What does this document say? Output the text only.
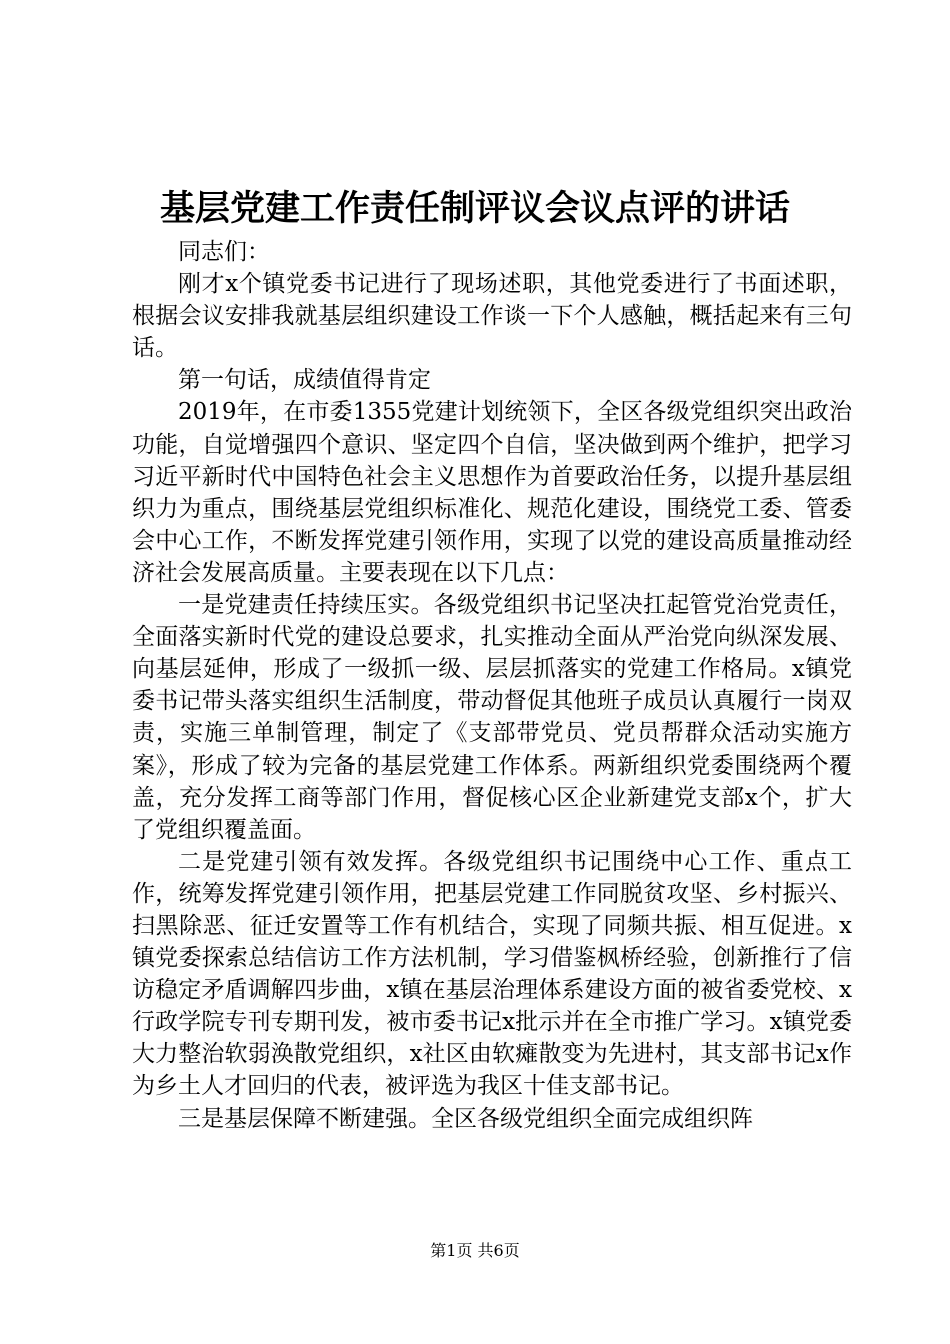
基层党建工作责任制评议会议点评的讲话

同志们：

刚才x个镇党委书记进行了现场述职，其他党委进行了书面述职，根据会议安排我就基层组织建设工作谈一下个人感触，概括起来有三句话。

第一句话，成绩值得肯定

2019年，在市委1355党建计划统领下，全区各级党组织突出政治功能，自觉增强四个意识、坚定四个自信，坚决做到两个维护，把学习习近平新时代中国特色社会主义思想作为首要政治任务，以提升基层组织力为重点，围绕基层党组织标准化、规范化建设，围绕党工委、管委会中心工作，不断发挥党建引领作用，实现了以党的建设高质量推动经济社会发展高质量。主要表现在以下几点：

一是党建责任持续压实。各级党组织书记坚决扛起管党治党责任，全面落实新时代党的建设总要求，扎实推动全面从严治党向纵深发展、向基层延伸，形成了一级抓一级、层层抓落实的党建工作格局。x镇党委书记带头落实组织生活制度，带动督促其他班子成员认真履行一岗双责，实施三单制管理，制定了《支部带党员、党员帮群众活动实施方案》，形成了较为完备的基层党建工作体系。两新组织党委围绕两个覆盖，充分发挥工商等部门作用，督促核心区企业新建党支部x个，扩大了党组织覆盖面。

二是党建引领有效发挥。各级党组织书记围绕中心工作、重点工作，统筹发挥党建引领作用，把基层党建工作同脱贫攻坚、乡村振兴、扫黑除恶、征迁安置等工作有机结合，实现了同频共振、相互促进。x镇党委探索总结信访工作方法机制，学习借鉴枫桥经验，创新推行了信访稳定矛盾调解四步曲，x镇在基层治理体系建设方面的被省委党校、x行政学院专刊专期刊发，被市委书记x批示并在全市推广学习。x镇党委大力整治软弱涣散党组织，x社区由软瘫散变为先进村，其支部书记x作为乡土人才回归的代表，被评选为我区十佳支部书记。

三是基层保障不断建强。全区各级党组织全面完成组织阵

第1页 共6页
